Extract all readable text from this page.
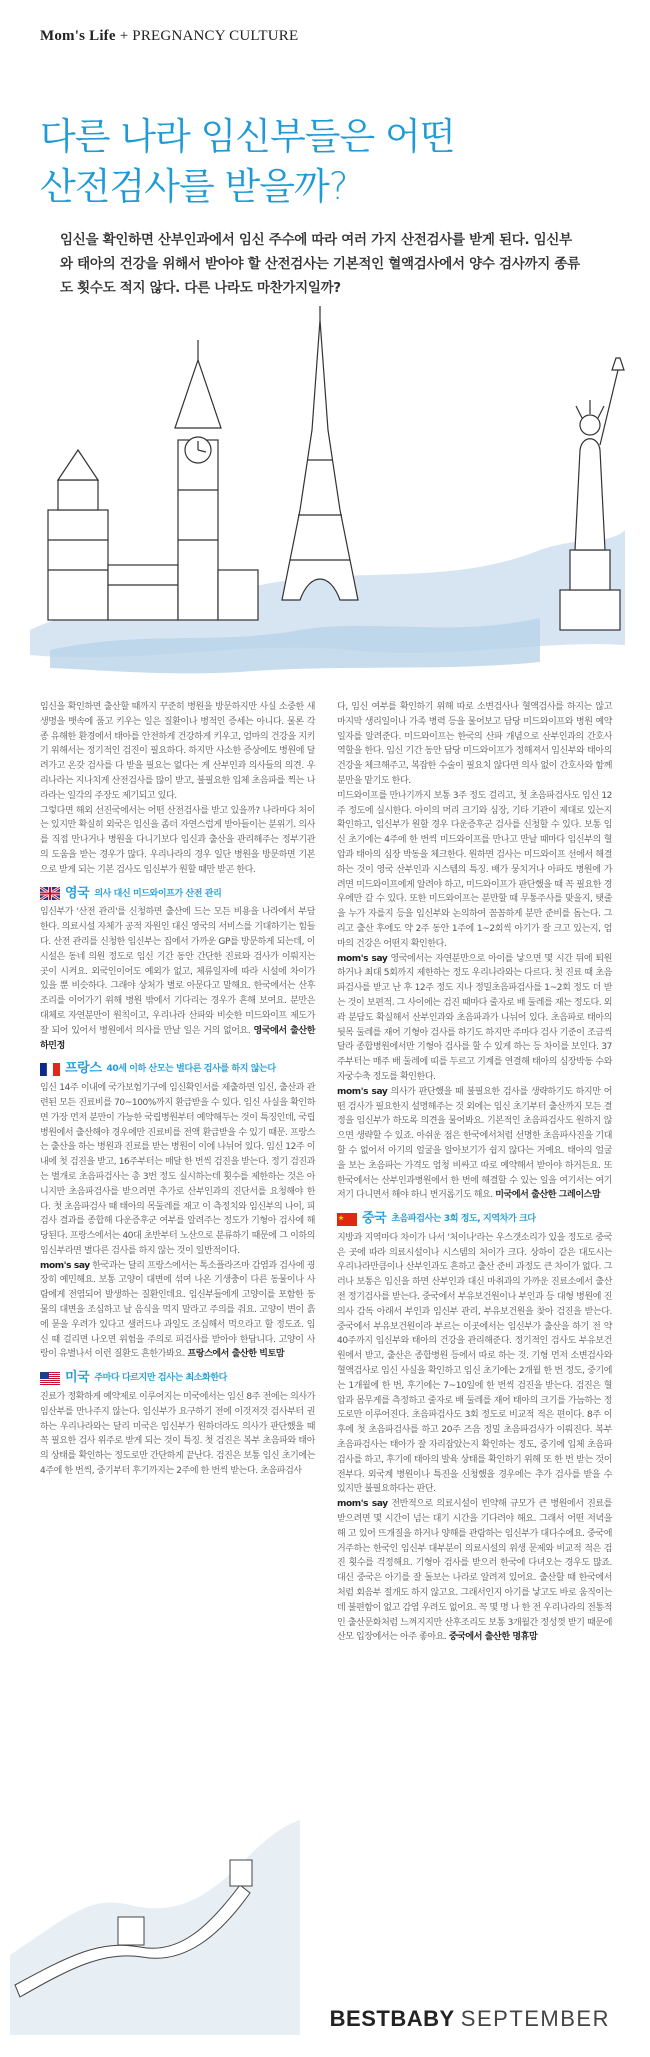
Mom's Life + PREGNANCY CULTURE
다른 나라 임신부들은 어떤
산전검사를 받을까?
임신을 확인하면 산부인과에서 임신 주수에 따라 여러 가지 산전검사를 받게 된다. 임신부와 태아의 건강을 위해서 받아야 할 산전검사는 기본적인 혈액검사에서 양수 검사까지 종류도 횟수도 적지 않다. 다른 나라도 마찬가지일까?

임신을 확인하면 출산할 때까지 꾸준히 병원을 방문하지만 사실 소중한 새 생명을 뱃속에 품고 키우는 일은 질환이나 병적인 증세는 아니다. 물론 각종 유해한 환경에서 태아를 안전하게 건강하게 키우고, 엄마의 건강을 지키기 위해서는 정기적인 검진이 필요하다. 하지만 사소한 증상에도 병원에 달려가고 온갖 검사를 다 받을 필요는 없다는 게 산부인과 의사들의 의견. 우리나라는 지나치게 산전검사를 많이 받고, 불필요한 입체 초음파를 찍는 나라라는 일각의 주장도 제기되고 있다.

그렇다면 해외 선진국에서는 어떤 산전검사를 받고 있을까? 나라마다 처이는 있지만 확실히 외국은 임신을 좀더 자연스럽게 받아들이는 분위기. 의사를 직접 만나거나 병원을 다니기보다 임신과 출산을 관리해주는 정부기관의 도움을 받는 경우가 많다. 우리나라의 경우 일단 병원을 방문하면 기본으로 받게 되는 기본 검사도 임신부가 원할 때만 받곤 한다.

영국 의사 대신 미드와이프가 산전 관리

임신부가 '산전 관리'를 신청하면 출산에 드는 모든 비용을 나라에서 부담한다. 의료시설 자체가 공적 자원인 대신 영국의 서비스를 기대하기는 힘들다. 산전 관리를 신청한 임신부는 집에서 가까운 GP를 방문하게 되는데, 이 시설은 동네 의원 정도로 임신 기간 동안 간단한 진료와 검사가 이뤄지는 곳이 시켜요. 외국인이어도 예외가 없고, 체류일자에 따라 시설에 차이가 있을 뿐 비슷하다. 그래야 상처가 별로 아문다고 말해요. 한국에서는 산후조리를 이어가기 위해 병원 밖에서 기다리는 경우가 흔해 보여요. 분만은 대체로 자연분만이 원칙이고, 우리나라 산파와 비슷한 미드와이프 제도가 잘 되어 있어서 병원에서 의사를 만날 일은 거의 없어요. 영국에서 출산한 하민정

프랑스 40세 이하 산모는 별다른 검사를 하지 않는다

임신 14주 이내에 국가보험기구에 임신확인서를 제출하면 임신, 출산과 관련된 모든 진료비를 70~100%까지 환급받을 수 있다. 임신 사실을 확인하면 가장 먼저 분만이 가능한 국립병원부터 예약해두는 것이 특징인데, 국립병원에서 출산해야 경우에만 진료비를 전액 환급받을 수 있기 때문. 프랑스는 출산을 하는 병원과 진료를 받는 병원이 이에 나뉘어 있다. 임신 12주 이내에 첫 검진을 받고, 16주부터는 매달 한 번씩 검진을 받는다. 정기 검진과는 별개로 초음파검사는 총 3번 정도 실시하는데 횟수를 제한하는 것은 아니지만 초음파검사를 받으려면 추가로 산부인과의 진단서를 요청해야 한다. 첫 초음파검사 때 태아의 목둘레를 재고 이 측정치와 임신부의 나이, 피검사 결과를 종합해 다운증후군 여부를 알려주는 정도가 기형아 검사에 해당된다. 프랑스에서는 40대 초반부터 노산으로 분류하기 때문에 그 이하의 임신부라면 별다른 검사를 하지 않는 것이 일반적이다.

mom's say 한국과는 달리 프랑스에서는 톡소플라즈마 감염과 검사에 굉장히 예민해요. 보통 고양이 대변에 섞여 나온 기생충이 다른 동물이나 사람에게 전염되어 발생하는 질환인데요. 임신부들에게 고양이를 포함한 동물의 대변을 조심하고 날 음식을 먹지 말라고 주의를 줘요. 고양이 변이 흙에 묻을 우려가 있다고 샐러드나 과일도 조심해서 먹으라고 할 정도죠. 임신 때 걸리면 나오면 위험을 주의로 피검사를 받아야 한답니다. 고양이 사랑이 유별나서 이런 질환도 흔한가봐요. 프랑스에서 출산한 빅토맘

미국 주마다 다르지만 검사는 최소화한다

진료가 정확하게 예약제로 이루어지는 미국에서는 임신 8주 전에는 의사가 임산부를 만나주지 않는다. 임신부가 요구하기 전에 이것저것 검사부터 권하는 우리나라와는 달리 미국은 임신부가 원하더라도 의사가 판단했을 때 꼭 필요한 검사 위주로 받게 되는 것이 특징. 첫 검진은 복부 초음파와 태아의 상태를 확인하는 정도로만 간단하게 끝난다. 검진은 보통 임신 초기에는 4주에 한 번씩, 중기부터 후기까지는 2주에 한 번씩 받는다. 초음파검사

다, 임신 여부를 확인하기 위해 따로 소변검사나 혈액검사를 하지는 않고 마지막 생리일이나 가족 병력 등을 물어보고 담당 미드와이프와 병원 예약 일자를 알려준다. 미드와이프는 한국의 산파 개념으로 산부인과의 간호사 역할을 한다. 임신 기간 동안 담당 미드와이프가 정해져서 임신부와 태아의 건강을 체크해주고, 복잡한 수술이 필요치 않다면 의사 없이 간호사와 함께 분만을 맡기도 한다.

미드와이프를 만나기까지 보통 3주 정도 걸리고, 첫 초음파검사도 임신 12주 정도에 실시한다. 아이의 머리 크기와 심장, 기타 기관이 제대로 있는지 확인하고, 임신부가 원할 경우 다운증후군 검사를 신청할 수 있다. 보통 임신 초기에는 4주에 한 번씩 미드와이프를 만나고 만날 때마다 임신부의 혈압과 태아의 심장 박동을 체크한다. 원하면 검사는 미드와이프 선에서 해결하는 것이 영국 산부인과 시스템의 특징. 배가 뭉치거나 아파도 병원에 가려면 미드와이프에게 알려야 하고, 미드와이프가 판단했을 때 꼭 필요한 경우에만 갈 수 있다. 또한 미드와이프는 분만할 때 무통주사를 맞을지, 탯줄을 누가 자를지 등을 임신부와 논의하여 꼼꼼하게 분만 준비를 돕는다. 그리고 출산 후에도 약 2주 동안 1주에 1~2회씩 아기가 잘 크고 있는지, 엄마의 건강은 어떤지 확인한다.

mom's say 영국에서는 자연분만으로 아이를 낳으면 몇 시간 뒤에 퇴원 하거나 최대 5회까지 제한하는 정도 우리나라와는 다르다. 첫 진료 때 초음파검사를 받고 난 후 12주 정도 지나 정밀초음파검사를 1~2회 정도 더 받는 것이 보편적. 그 사이에는 검진 때마다 줄자로 배 둘레를 재는 정도다. 외곽 분담도 확실해서 산부인과와 초음파과가 나뉘어 있다. 초음파로 태아의 뒷목 둘레를 재어 기형아 검사를 하기도 하지만 주마다 검사 기준이 조금씩 달라 종합병원에서만 기형아 검사를 할 수 있게 하는 등 차이를 보인다. 37주부터는 매주 배 둘레에 띠를 두르고 기계를 연결해 태아의 심장박동 수와 자궁수축 정도를 확인한다.

mom's say 의사가 판단했을 때 불필요한 검사를 생략하기도 하지만 어떤 검사가 필요한지 설명해주는 것 외에는 임신 초기부터 출산까지 모든 결정을 임신부가 하도록 의견을 물어봐요. 기본적인 초음파검사도 원하지 않으면 생략할 수 있죠. 아쉬운 점은 한국에서처럼 선명한 초음파사진을 기대할 수 없어서 아기의 얼굴을 알아보기가 쉽지 않다는 거예요. 태아의 얼굴을 보는 초음파는 가격도 엄청 비싸고 따로 예약해서 받아야 하거든요. 또 한국에서는 산부인과병원에서 한 번에 해결할 수 있는 일을 여기서는 여기저기 다니면서 해야 하니 번거롭기도 해요. 미국에서 출산한 그레이스맘

중국 초음파검사는 3회 정도, 지역차가 크다

지방과 지역마다 차이가 나서 '처이나'라는 우스갯소리가 있을 정도로 중국은 곳에 따라 의료시설이나 시스템의 처이가 크다. 상하이 같은 대도시는 우리나라만큼이나 산부인과도 흔하고 출산 준비 과정도 큰 차이가 없다. 그러나 보통은 임신을 하면 산부인과 대신 마취과의 가까운 진료소에서 출산 전 정기검사를 받는다. 중국에서 부유보건원이나 부인과 등 대형 병원에 진 의사 감독 아래서 부인과 임신부 관리, 부유보건원을 찾아 검진을 받는다. 중국에서 부유보건원이라 부르는 이곳에서는 임신부가 출산을 하기 전 약 40주까지 임신부와 태아의 건강을 관리해준다. 정기적인 검사도 부유보건원에서 받고, 출산은 종합병원 등에서 따로 하는 것. 기형 먼저 소변검사와 혈액검사로 임신 사실을 확인하고 임신 초기에는 2개월 한 번 정도, 중기에는 1개월에 한 번, 후기에는 7~10일에 한 번씩 검진을 받는다. 검진은 혈압과 몸무게를 측정하고 줄자로 배 둘레를 재어 태아의 크기를 가늠하는 정도로만 이루어진다. 초음파검사도 3회 정도로 비교적 적은 편이다. 8주 이후에 첫 초음파검사를 하고 20주 즈음 정밀 초음파검사가 이뤄진다. 복부 초음파검사는 태아가 잘 자리잡았는지 확인하는 정도, 중기에 입체 초음파검사를 하고, 후기에 태아의 발육 상태를 확인하기 위해 또 한 번 받는 것이 전부다. 외국계 병원이나 특진을 신청했을 경우에는 추가 검사를 받을 수 있지만 불필요하다는 판단.

mom's say 전반적으로 의료시설이 빈약해 규모가 큰 병원에서 진료를 받으려면 몇 시간이 넘는 대기 시간을 기다려야 해요. 그래서 어떤 저녁을 해 고 있어 뜨개질을 하거나 양해를 관람하는 임신부가 대다수에요. 중국에 거주하는 한국인 임신부 대부분이 의료시설의 위생 문제와 비교적 적은 검진 횟수를 걱정해요. 기형아 검사를 받으러 한국에 다녀오는 경우도 많죠. 대신 중국은 아기를 잘 돌보는 나라로 알려져 있어요. 출산할 때 한국에서처럼 회음부 절개도 하지 않고요. 그래서인지 아기를 낳고도 바로 움직이는 데 불편함이 없고 감염 우려도 없어요. 꼭 몇 명 나 한 전 우리나라의 전통적인 출산문화처럼 느껴지지만 산후조리도 보통 3개월간 정성껏 받기 때문에 산모 입장에서는 아주 좋아요. 중국에서 출산한 명휴맘

BESTBABY SEPTEMBER
